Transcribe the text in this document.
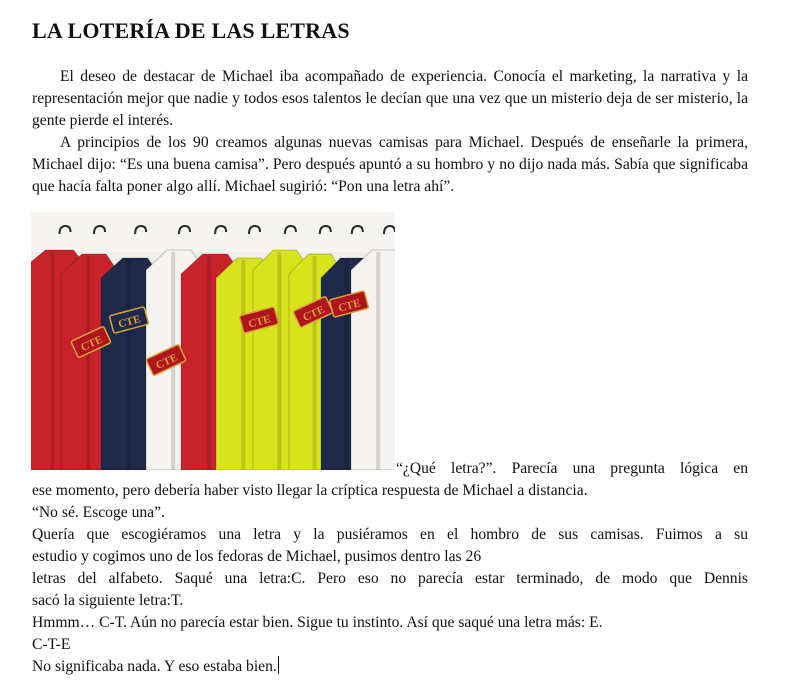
LA LOTERÍA DE LAS LETRAS

El deseo de destacar de Michael iba acompañado de experiencia. Conocía el marketing, la narrativa y la representación mejor que nadie y todos esos talentos le decían que una vez que un misterio deja de ser misterio, la gente pierde el interés.

A principios de los 90 creamos algunas nuevas camisas para Michael. Después de enseñarle la primera, Michael dijo: “Es una buena camisa”. Pero después apuntó a su hombro y no dijo nada más. Sabía que significaba que hacía falta poner algo allí. Michael sugirió: “Pon una letra ahí”.

CTE
CTE
CTE
CTE	CTE CTE
“¿Qué letra?”. Parecía una pregunta lógica en
ese momento, pero debería haber visto llegar la críptica respuesta de Michael a distancia.
“No sé. Escoge una”.
Quería que escogiéramos una letra y la pusiéramos en el hombro de sus camisas. Fuimos a su
estudio y cogimos uno de los fedoras de Michael, pusimos dentro las 26
letras del alfabeto. Saqué una letra:C. Pero eso no parecía estar terminado, de modo que Dennis
sacó la siguiente letra:T.
Hmmm… C-T. Aún no parecía estar bien. Sigue tu instinto. Así que saqué una letra más: E.
C-T-E
No significaba nada. Y eso estaba bien.
